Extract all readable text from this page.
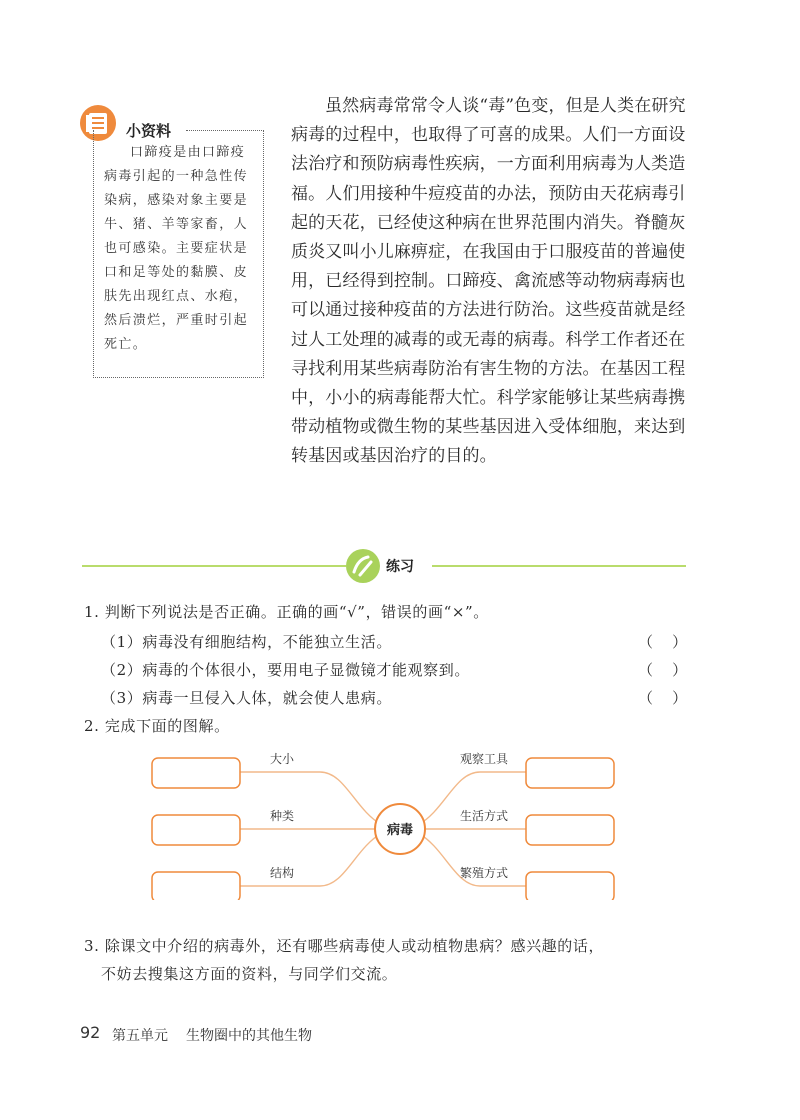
小资料
口蹄疫是由口蹄疫病毒引起的一种急性传染病，感染对象主要是牛、猪、羊等家畜，人也可感染。主要症状是口和足等处的黏膜、皮肤先出现红点、水疱，然后溃烂，严重时引起死亡。
虽然病毒常常令人谈“毒”色变，但是人类在研究病毒的过程中，也取得了可喜的成果。人们一方面设法治疗和预防病毒性疾病，一方面利用病毒为人类造福。人们用接种牛痘疫苗的办法，预防由天花病毒引起的天花，已经使这种病在世界范围内消失。脊髓灰质炎又叫小儿麻痹症，在我国由于口服疫苗的普遍使用，已经得到控制。口蹄疫、禽流感等动物病毒病也可以通过接种疫苗的方法进行防治。这些疫苗就是经过人工处理的减毒的或无毒的病毒。科学工作者还在寻找利用某些病毒防治有害生物的方法。在基因工程中，小小的病毒能帮大忙。科学家能够让某些病毒携带动植物或微生物的某些基因进入受体细胞，来达到转基因或基因治疗的目的。
练习
1. 判断下列说法是否正确。正确的画“√”，错误的画“×”。
（1）病毒没有细胞结构，不能独立生活。	（    ）
（2）病毒的个体很小，要用电子显微镜才能观察到。	（    ）
（3）病毒一旦侵入人体，就会使人患病。	（    ）
2. 完成下面的图解。
病毒
大小
种类
结构
观察工具
生活方式
繁殖方式
3. 除课文中介绍的病毒外，还有哪些病毒使人或动植物患病？感兴趣的话，
不妨去搜集这方面的资料，与同学们交流。
92 第五单元 生物圈中的其他生物
